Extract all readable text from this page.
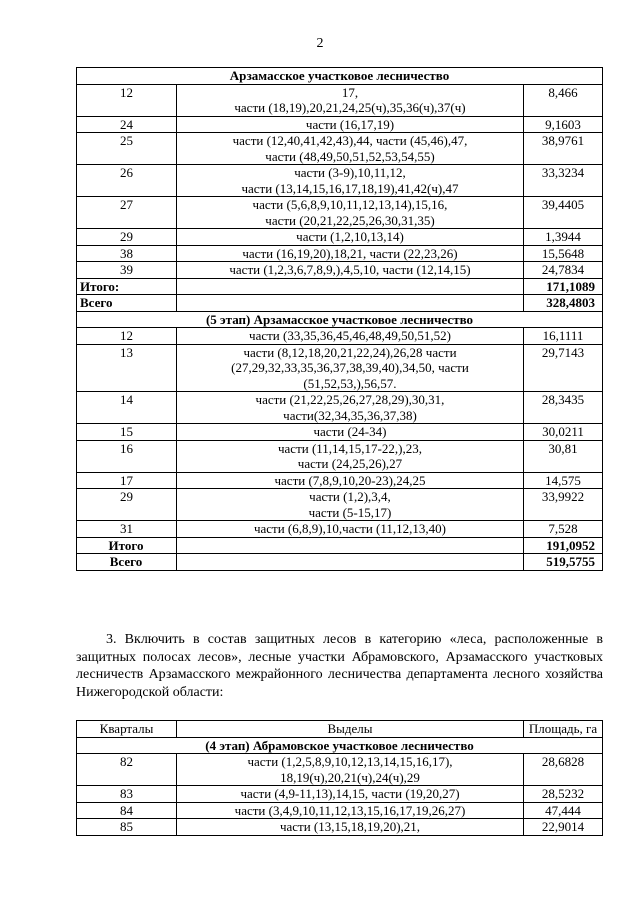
2
Арзамасское участковое лесничество		
12	17,
части (18,19),20,21,24,25(ч),35,36(ч),37(ч)	8,466
24	части (16,17,19)	9,1603
25	части (12,40,41,42,43),44, части (45,46),47,
части (48,49,50,51,52,53,54,55)	38,9761
26	части (3-9),10,11,12,
части (13,14,15,16,17,18,19),41,42(ч),47	33,3234
27	части (5,6,8,9,10,11,12,13,14),15,16,
части (20,21,22,25,26,30,31,35)	39,4405
29	части (1,2,10,13,14)	1,3944
38	части (16,19,20),18,21, части (22,23,26)	15,5648
39	части (1,2,3,6,7,8,9,),4,5,10, части (12,14,15)	24,7834
Итого:		171,1089
Всего		328,4803
(5 этап) Арзамасское участковое лесничество		
12	части (33,35,36,45,46,48,49,50,51,52)	16,1111
13	части (8,12,18,20,21,22,24),26,28 части
(27,29,32,33,35,36,37,38,39,40),34,50, части
(51,52,53,),56,57.	29,7143
14	части (21,22,25,26,27,28,29),30,31,
части(32,34,35,36,37,38)	28,3435
15	части (24-34)	30,0211
16	части (11,14,15,17-22,),23,
части (24,25,26),27	30,81
17	части (7,8,9,10,20-23),24,25	14,575
29	части (1,2),3,4,
части (5-15,17)	33,9922
31	части (6,8,9),10,части (11,12,13,40)	7,528
Итого		191,0952
Всего		519,5755

3. Включить в состав защитных лесов в категорию «леса, расположенные в защитных полосах лесов», лесные участки Абрамовского, Арзамасского участковых лесничеств Арзамасского межрайонного лесничества департамента лесного хозяйства Нижегородской области:

Кварталы	Выделы	Площадь, га
(4 этап) Абрамовское участковое лесничество		
82	части (1,2,5,8,9,10,12,13,14,15,16,17),
18,19(ч),20,21(ч),24(ч),29	28,6828
83	части (4,9-11,13),14,15, части (19,20,27)	28,5232
84	части (3,4,9,10,11,12,13,15,16,17,19,26,27)	47,444
85	части (13,15,18,19,20),21,	22,9014
